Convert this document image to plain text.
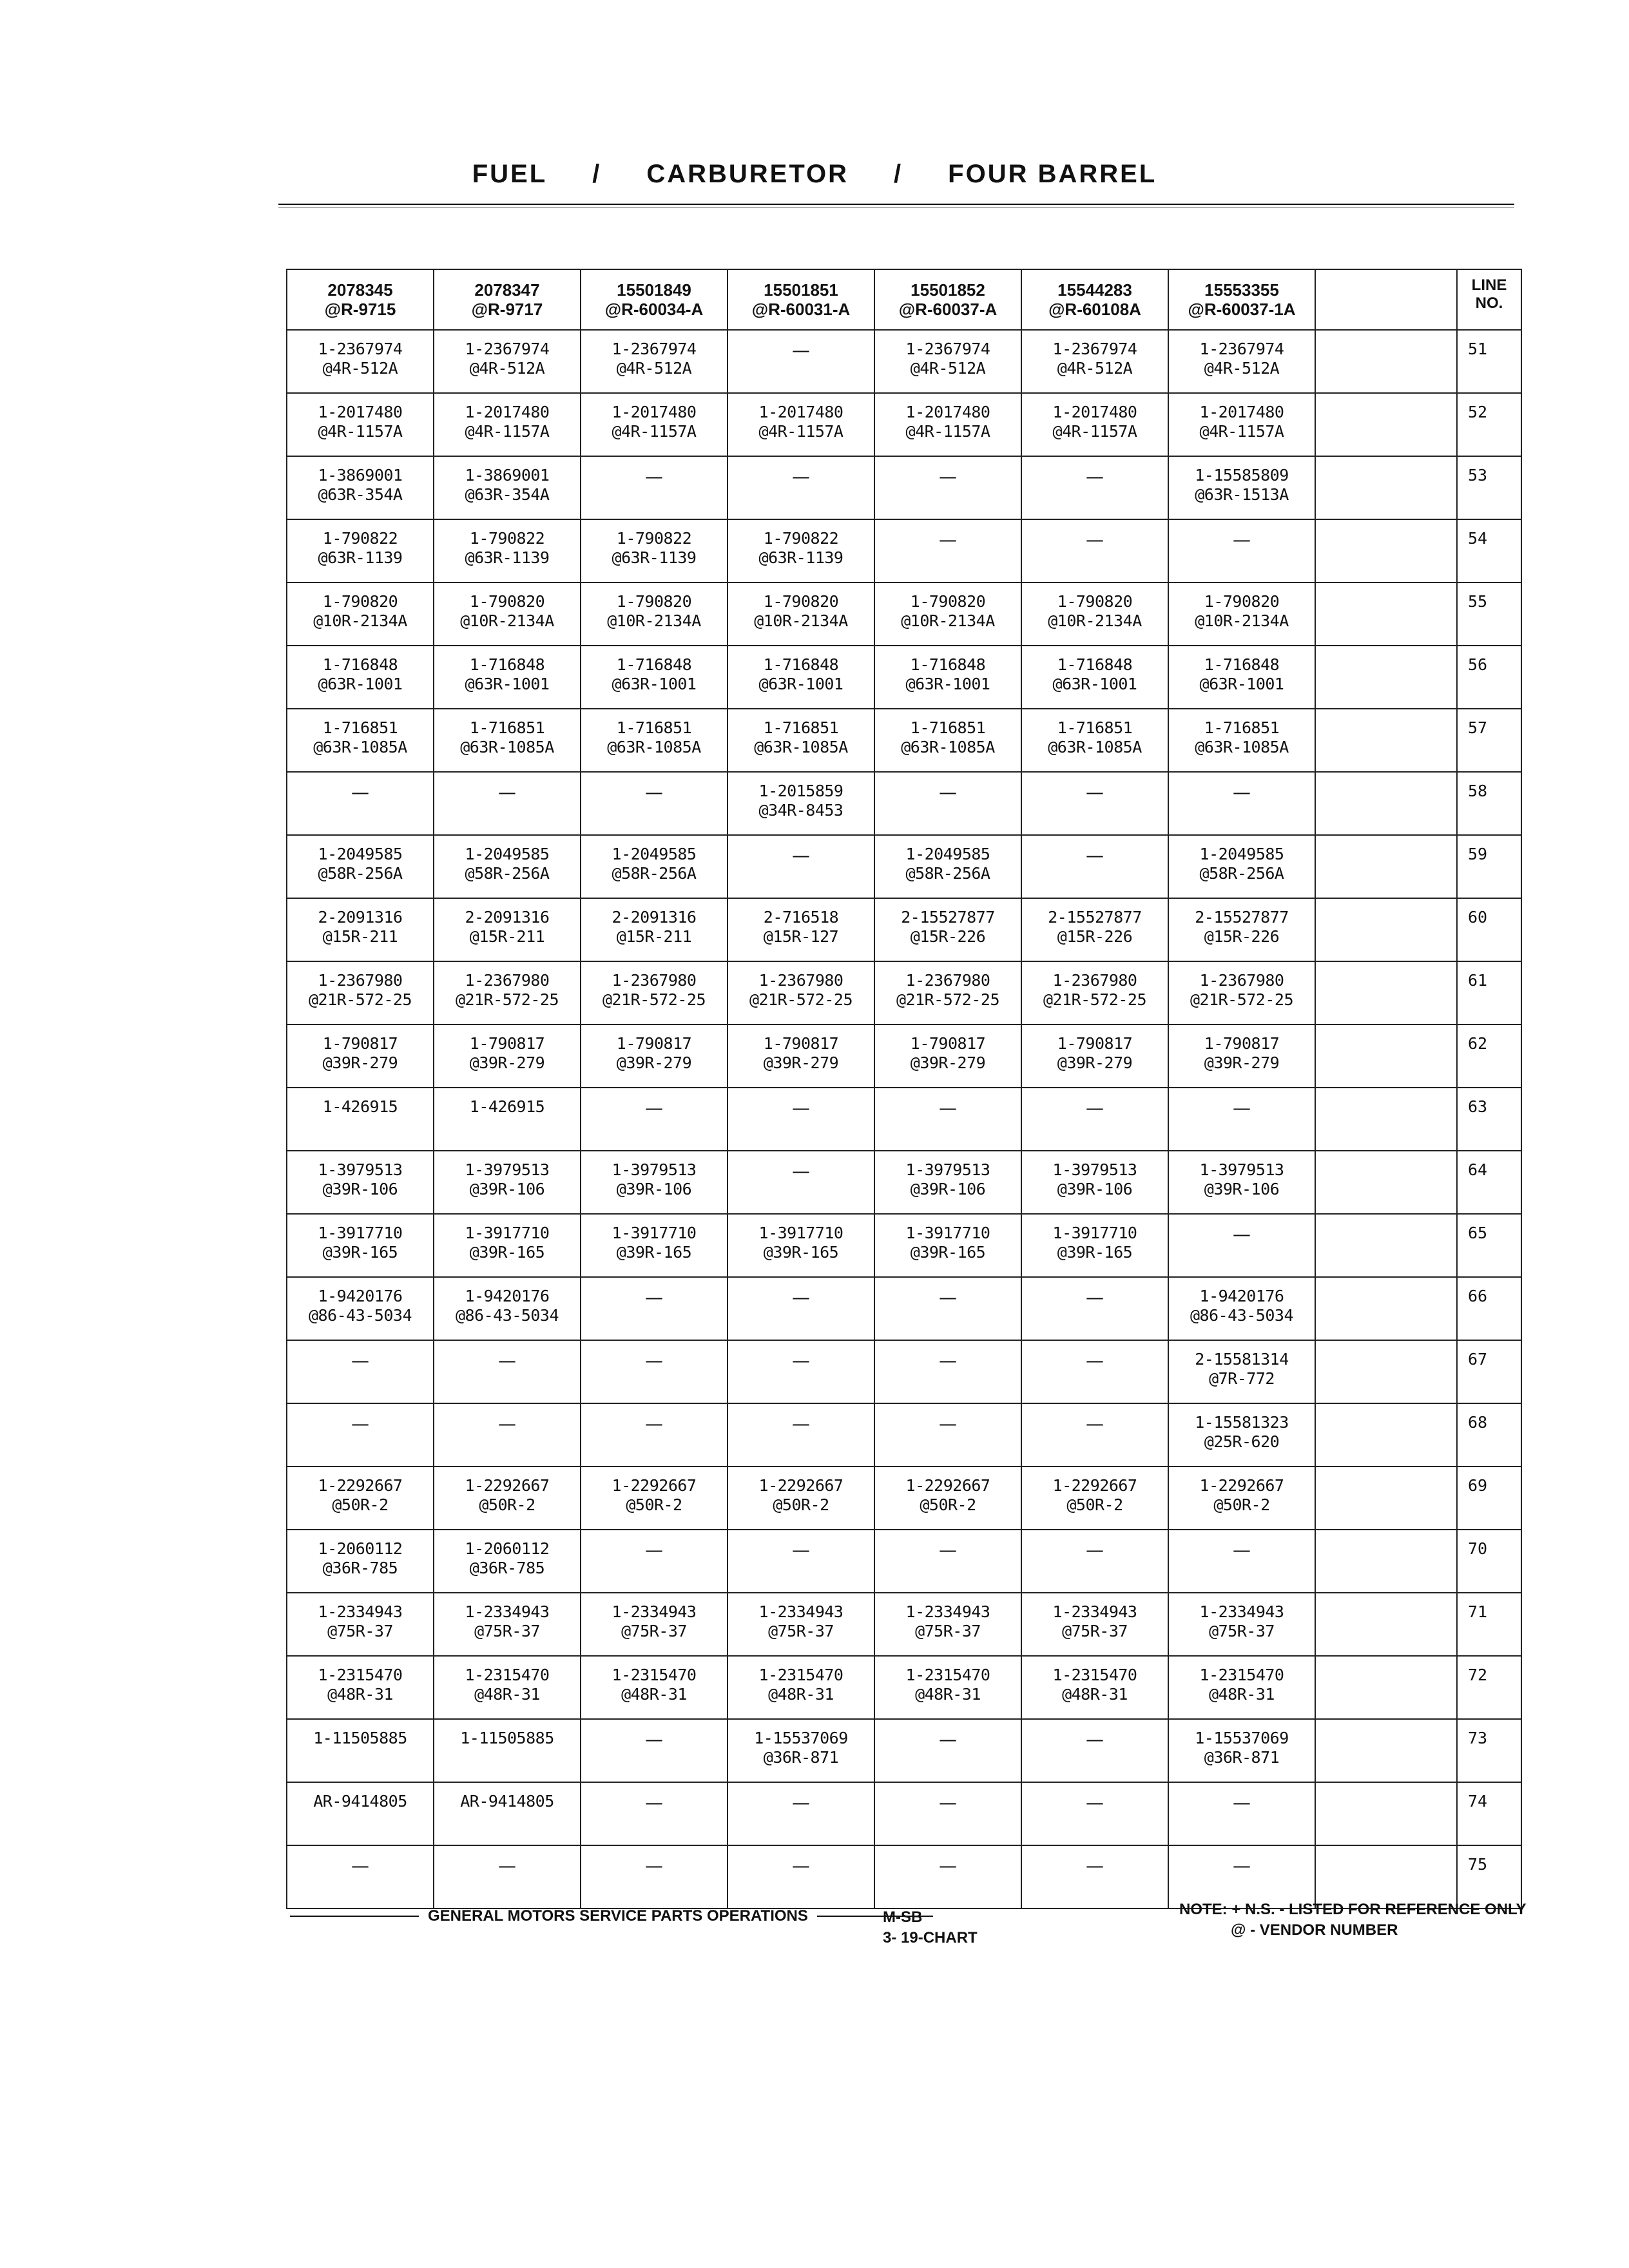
FUEL / CARBURETOR / FOUR BARREL
2078345
@R-9715	2078347
@R-9717	15501849
@R-60034-A	15501851
@R-60031-A	15501852
@R-60037-A	15544283
@R-60108A	15553355
@R-60037-1A		LINE
NO.

1-2367974
@4R-512A	1-2367974
@4R-512A	1-2367974
@4R-512A	—	1-2367974
@4R-512A	1-2367974
@4R-512A	1-2367974
@4R-512A		51

1-2017480
@4R-1157A	1-2017480
@4R-1157A	1-2017480
@4R-1157A	1-2017480
@4R-1157A	1-2017480
@4R-1157A	1-2017480
@4R-1157A	1-2017480
@4R-1157A		52

1-3869001
@63R-354A	1-3869001
@63R-354A	—	—	—	—	1-15585809
@63R-1513A		53

1-790822
@63R-1139	1-790822
@63R-1139	1-790822
@63R-1139	1-790822
@63R-1139	—	—	—		54

1-790820
@10R-2134A	1-790820
@10R-2134A	1-790820
@10R-2134A	1-790820
@10R-2134A	1-790820
@10R-2134A	1-790820
@10R-2134A	1-790820
@10R-2134A		55

1-716848
@63R-1001	1-716848
@63R-1001	1-716848
@63R-1001	1-716848
@63R-1001	1-716848
@63R-1001	1-716848
@63R-1001	1-716848
@63R-1001		56

1-716851
@63R-1085A	1-716851
@63R-1085A	1-716851
@63R-1085A	1-716851
@63R-1085A	1-716851
@63R-1085A	1-716851
@63R-1085A	1-716851
@63R-1085A		57

—	—	—	1-2015859
@34R-8453	—	—	—		58

1-2049585
@58R-256A	1-2049585
@58R-256A	1-2049585
@58R-256A	—	1-2049585
@58R-256A	—	1-2049585
@58R-256A		59

2-2091316
@15R-211	2-2091316
@15R-211	2-2091316
@15R-211	2-716518
@15R-127	2-15527877
@15R-226	2-15527877
@15R-226	2-15527877
@15R-226		60

1-2367980
@21R-572-25	1-2367980
@21R-572-25	1-2367980
@21R-572-25	1-2367980
@21R-572-25	1-2367980
@21R-572-25	1-2367980
@21R-572-25	1-2367980
@21R-572-25		61

1-790817
@39R-279	1-790817
@39R-279	1-790817
@39R-279	1-790817
@39R-279	1-790817
@39R-279	1-790817
@39R-279	1-790817
@39R-279		62

1-426915	1-426915	—	—	—	—	—		63

1-3979513
@39R-106	1-3979513
@39R-106	1-3979513
@39R-106	—	1-3979513
@39R-106	1-3979513
@39R-106	1-3979513
@39R-106		64

1-3917710
@39R-165	1-3917710
@39R-165	1-3917710
@39R-165	1-3917710
@39R-165	1-3917710
@39R-165	1-3917710
@39R-165	—		65

1-9420176
@86-43-5034	1-9420176
@86-43-5034	—	—	—	—	1-9420176
@86-43-5034		66

—	—	—	—	—	—	2-15581314
@7R-772		67

—	—	—	—	—	—	1-15581323
@25R-620		68

1-2292667
@50R-2	1-2292667
@50R-2	1-2292667
@50R-2	1-2292667
@50R-2	1-2292667
@50R-2	1-2292667
@50R-2	1-2292667
@50R-2		69

1-2060112
@36R-785	1-2060112
@36R-785	—	—	—	—	—		70

1-2334943
@75R-37	1-2334943
@75R-37	1-2334943
@75R-37	1-2334943
@75R-37	1-2334943
@75R-37	1-2334943
@75R-37	1-2334943
@75R-37		71

1-2315470
@48R-31	1-2315470
@48R-31	1-2315470
@48R-31	1-2315470
@48R-31	1-2315470
@48R-31	1-2315470
@48R-31	1-2315470
@48R-31		72

1-11505885	1-11505885	—	1-15537069
@36R-871	—	—	1-15537069
@36R-871		73

AR-9414805	AR-9414805	—	—	—	—	—		74

—	—	—	—	—	—	—		75
GENERAL MOTORS SERVICE PARTS OPERATIONS	M-SB
3- 19-CHART
NOTE: + N.S. - LISTED FOR REFERENCE ONLY
@ - VENDOR NUMBER
